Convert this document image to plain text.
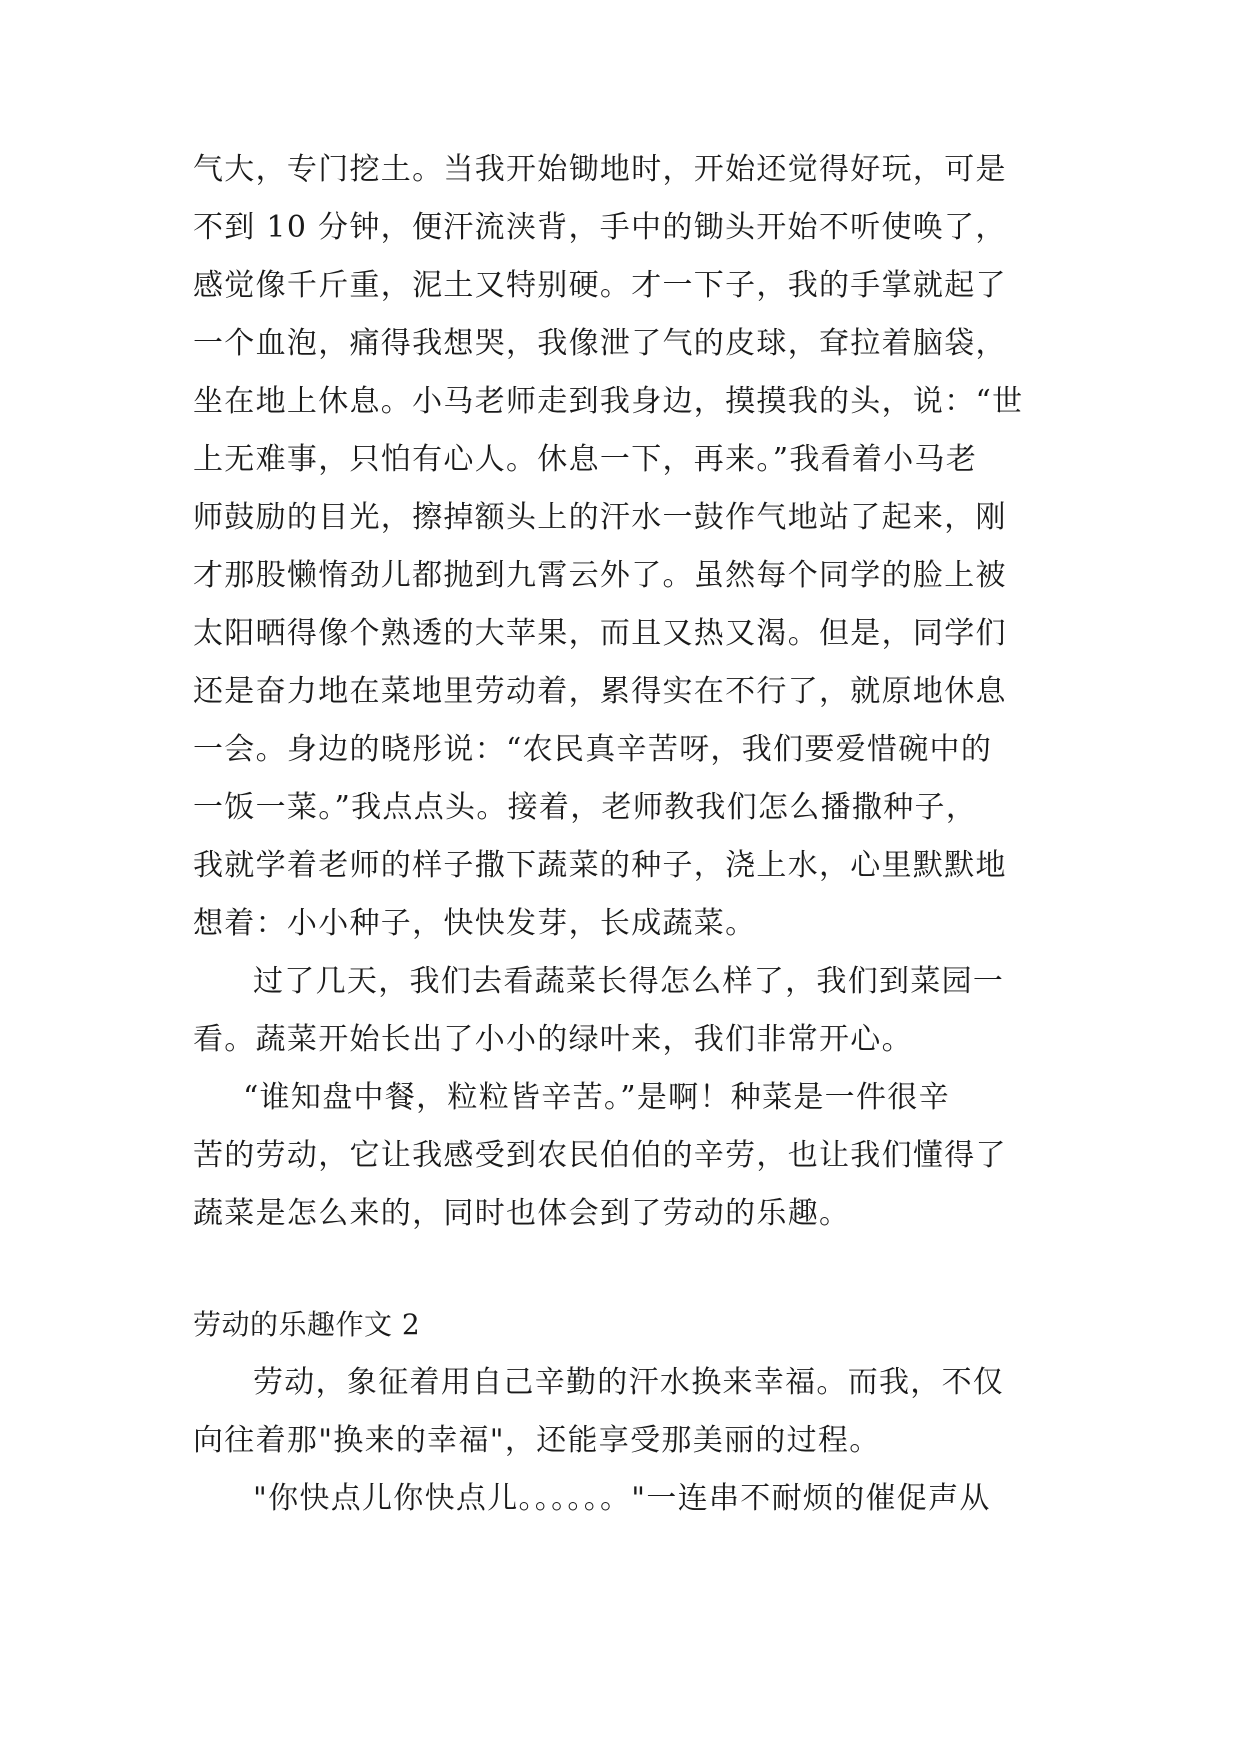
气大，专门挖土。当我开始锄地时，开始还觉得好玩，可是
不到 10 分钟，便汗流浃背，手中的锄头开始不听使唤了，
感觉像千斤重，泥土又特别硬。才一下子，我的手掌就起了
一个血泡，痛得我想哭，我像泄了气的皮球，耷拉着脑袋，
坐在地上休息。小马老师走到我身边，摸摸我的头，说：“世
上无难事，只怕有心人。休息一下，再来。”我看着小马老
师鼓励的目光，擦掉额头上的汗水一鼓作气地站了起来，刚
才那股懒惰劲儿都抛到九霄云外了。虽然每个同学的脸上被
太阳晒得像个熟透的大苹果，而且又热又渴。但是，同学们
还是奋力地在菜地里劳动着，累得实在不行了，就原地休息
一会。身边的晓彤说：“农民真辛苦呀，我们要爱惜碗中的
一饭一菜。”我点点头。接着，老师教我们怎么播撒种子，
我就学着老师的样子撒下蔬菜的种子，浇上水，心里默默地
想着：小小种子，快快发芽，长成蔬菜。
过了几天，我们去看蔬菜长得怎么样了，我们到菜园一
看。蔬菜开始长出了小小的绿叶来，我们非常开心。
“谁知盘中餐，粒粒皆辛苦。”是啊！种菜是一件很辛
苦的劳动，它让我感受到农民伯伯的辛劳，也让我们懂得了
蔬菜是怎么来的，同时也体会到了劳动的乐趣。
劳动的乐趣作文 2
劳动，象征着用自己辛勤的汗水换来幸福。而我，不仅
向往着那"换来的幸福"，还能享受那美丽的过程。
"你快点儿你快点儿。。。。。。"一连串不耐烦的催促声从
